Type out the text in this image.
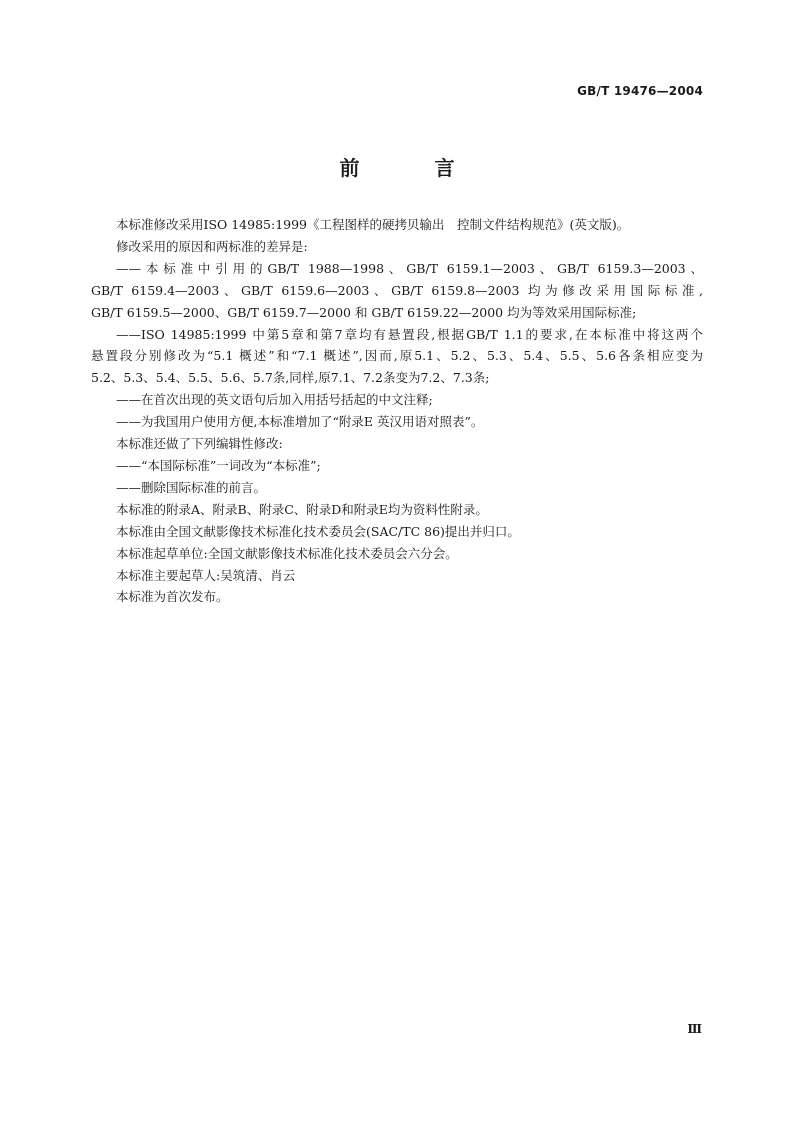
GB/T 19476—2004
前 言

本标准修改采用ISO 14985:1999《工程图样的硬拷贝输出　控制文件结构规范》(英文版)。

修改采用的原因和两标准的差异是:

——本标准中引用的GB/T 1988—1998、GB/T 6159.1—2003、GB/T 6159.3—2003、
GB/T 6159.4—2003、GB/T 6159.6—2003、GB/T 6159.8—2003 均为修改采用国际标准,
GB/T 6159.5—2000、GB/T 6159.7—2000 和 GB/T 6159.22—2000 均为等效采用国际标准;
——ISO 14985:1999 中第5章和第7章均有悬置段,根据GB/T 1.1的要求,在本标准中将这两个
悬置段分别修改为“5.1 概述”和“7.1 概述”,因而,原5.1、5.2、5.3、5.4、5.5、5.6各条相应变为
5.2、5.3、5.4、5.5、5.6、5.7条,同样,原7.1、7.2条变为7.2、7.3条;

——在首次出现的英文语句后加入用括号括起的中文注释;

——为我国用户使用方便,本标准增加了“附录E 英汉用语对照表”。

本标准还做了下列编辑性修改:

——“本国际标准”一词改为“本标准”;

——删除国际标准的前言。

本标准的附录A、附录B、附录C、附录D和附录E均为资料性附录。

本标准由全国文献影像技术标准化技术委员会(SAC/TC 86)提出并归口。

本标准起草单位:全国文献影像技术标准化技术委员会六分会。

本标准主要起草人:吴筑清、肖云

本标准为首次发布。

Ⅲ
